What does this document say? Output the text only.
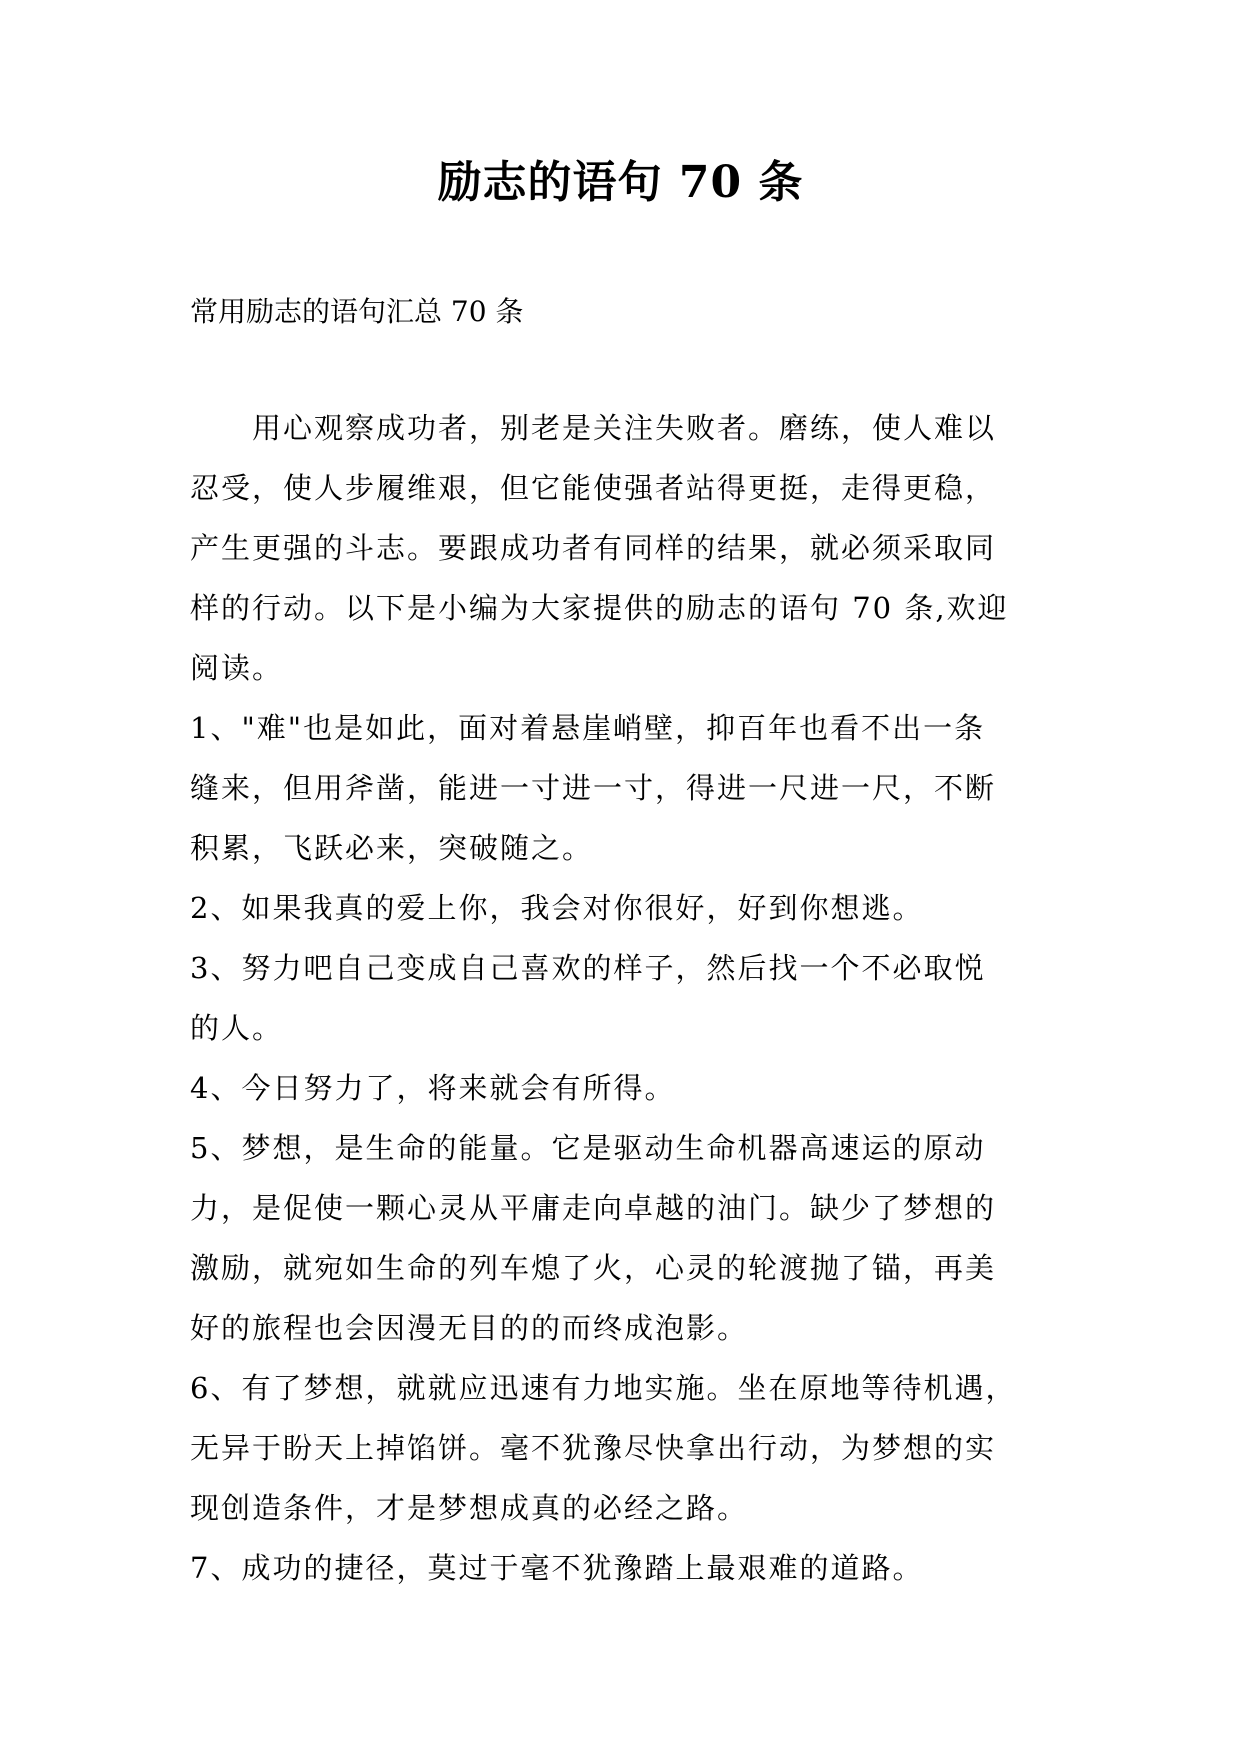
励志的语句 70 条
常用励志的语句汇总 70 条
　　用心观察成功者，别老是关注失败者。磨练，使人难以
忍受，使人步履维艰，但它能使强者站得更挺，走得更稳，
产生更强的斗志。要跟成功者有同样的结果，就必须采取同
样的行动。以下是小编为大家提供的励志的语句 70 条,欢迎
阅读。
1、"难"也是如此，面对着悬崖峭壁，抑百年也看不出一条
缝来，但用斧凿，能进一寸进一寸，得进一尺进一尺，不断
积累，飞跃必来，突破随之。
2、如果我真的爱上你，我会对你很好，好到你想逃。
3、努力吧自己变成自己喜欢的样子，然后找一个不必取悦
的人。
4、今日努力了，将来就会有所得。
5、梦想，是生命的能量。它是驱动生命机器高速运的原动
力，是促使一颗心灵从平庸走向卓越的油门。缺少了梦想的
激励，就宛如生命的列车熄了火，心灵的轮渡抛了锚，再美
好的旅程也会因漫无目的的而终成泡影。
6、有了梦想，就就应迅速有力地实施。坐在原地等待机遇，
无异于盼天上掉馅饼。毫不犹豫尽快拿出行动，为梦想的实
现创造条件，才是梦想成真的必经之路。
7、成功的捷径，莫过于毫不犹豫踏上最艰难的道路。
